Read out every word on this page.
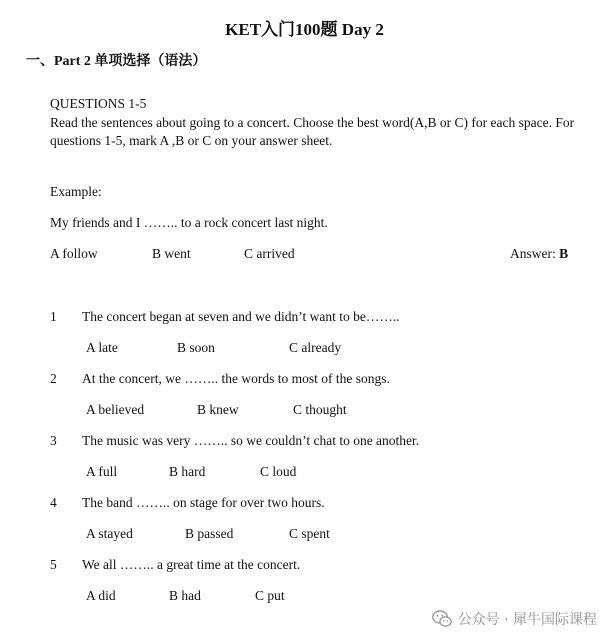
KET入门100题 Day 2
一、Part 2 单项选择（语法）
QUESTIONS 1-5
Read the sentences about going to a concert. Choose the best word(A,B or C) for each space. For
questions 1-5, mark A ,B or C on your answer sheet.
Example:
My friends and I …….. to a rock concert last night.
A follow	B went	C arrived	Answer: B
1 The concert began at seven and we didn’t want to be……..
A late	B soon	C already
2 At the concert, we …….. the words to most of the songs.
A believed	B knew	C thought
3 The music was very …….. so we couldn’t chat to one another.
A full	B hard	C loud
4 The band …….. on stage for over two hours.
A stayed	B passed	C spent
5 We all …….. a great time at the concert.
A did	B had	C put
公众号 · 犀牛国际课程
